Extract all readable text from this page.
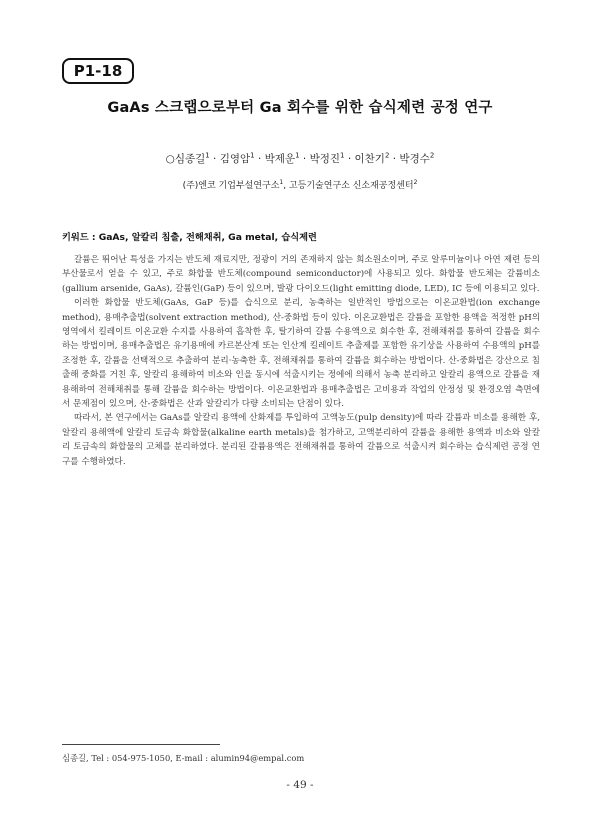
P1-18
GaAs 스크랩으로부터 Ga 회수를 위한 습식제련 공정 연구
○심종길$^1$ · 김영암$^1$ · 박제운$^1$ · 박정진$^1$ · 이찬기$^2$ · 박경수$^2$
(주)엔코 기업부설연구소$^1$, 고등기술연구소 신소재공정센터$^2$
키워드 : GaAs, 알칼리 침출, 전해채취, Ga metal, 습식제련

갈륨은 뛰어난 특성을 가지는 반도체 재료지만, 정광이 거의 존재하지 않는 희소원소이며, 주로 알루미늄이나 아연 제련 등의 부산물로서 얻을 수 있고, 주로 화합물 반도체(compound semiconductor)에 사용되고 있다. 화합물 반도체는 갈륨비소(gallium arsenide, GaAs), 갈륨인(GaP) 등이 있으며, 발광 다이오드(light emitting diode, LED), IC 등에 이용되고 있다.

이러한 화합물 반도체(GaAs, GaP 등)를 습식으로 분리, 농축하는 일반적인 방법으로는 이온교환법(ion exchange method), 용매추출법(solvent extraction method), 산-중화법 등이 있다. 이온교환법은 갈륨을 포함한 용액을 적정한 pH의 영역에서 킬레이트 이온교환 수지를 사용하여 흡착한 후, 탈기하여 갈륨 수용액으로 회수한 후, 전해채취를 통하여 갈륨을 회수하는 방법이며, 용매추출법은 유기용매에 카르본산계 또는 인산계 킬레이트 추출제를 포함한 유기상을 사용하여 수용액의 pH를 조정한 후, 갈륨을 선택적으로 추출하여 분리·농축한 후, 전해채취를 통하여 갈륨을 회수하는 방법이다. 산-중화법은 강산으로 침출해 중화를 거친 후, 알칼리 용해하여 비소와 인을 동시에 석출시키는 정에에 의해서 농축 분리하고 알칼리 용액으로 갈륨을 재용해하여 전해채취를 통해 갈륨을 회수하는 방법이다. 이온교환법과 용매추출법은 고비용과 작업의 안정성 및 환경오염 측면에서 문제점이 있으며, 산-중화법은 산과 알칼리가 다량 소비되는 단점이 있다.

따라서, 본 연구에서는 GaAs를 알칼리 용액에 산화제를 투입하여 고액농도(pulp density)에 따라 갈륨과 비소를 용해한 후, 알칼리 용해액에 알칼리 토금속 화합물(alkaline earth metals)을 첨가하고, 고액분리하여 갈륨을 용해한 용액과 비소와 알칼리 토금속의 화합물의 고체를 분리하였다. 분리된 갈륨용액은 전해채취를 통하여 갈륨으로 석출시켜 회수하는 습식제련 공정 연구를 수행하였다.

심종길, Tel : 054-975-1050, E-mail : alumin94@empal.com
- 49 -
